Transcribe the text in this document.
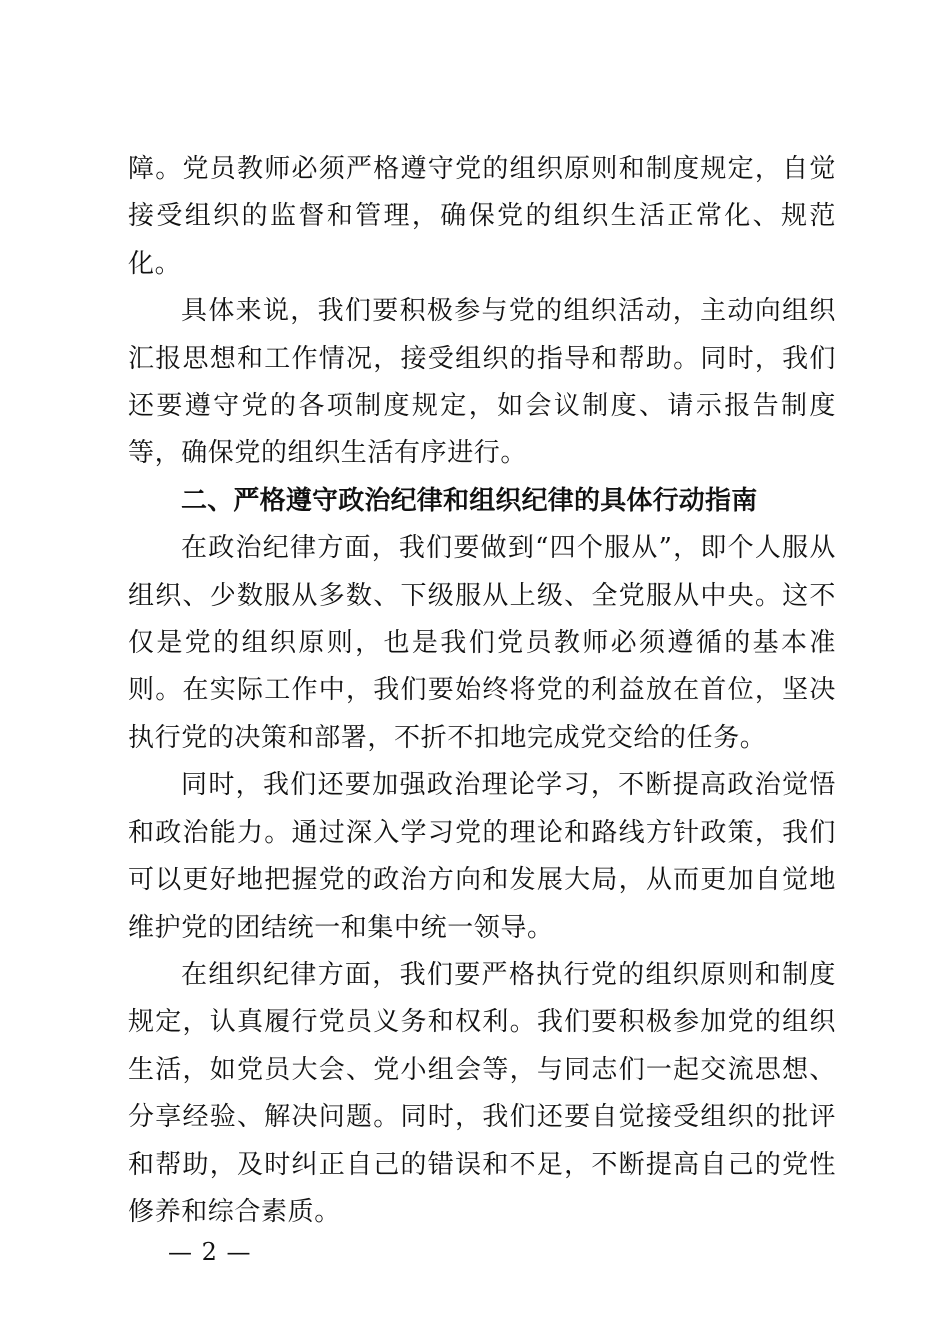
障。党员教师必须严格遵守党的组织原则和制度规定，自觉接受组织的监督和管理，确保党的组织生活正常化、规范化。

具体来说，我们要积极参与党的组织活动，主动向组织汇报思想和工作情况，接受组织的指导和帮助。同时，我们还要遵守党的各项制度规定，如会议制度、请示报告制度等，确保党的组织生活有序进行。

二、严格遵守政治纪律和组织纪律的具体行动指南

在政治纪律方面，我们要做到“四个服从”，即个人服从组织、少数服从多数、下级服从上级、全党服从中央。这不仅是党的组织原则，也是我们党员教师必须遵循的基本准则。在实际工作中，我们要始终将党的利益放在首位，坚决执行党的决策和部署，不折不扣地完成党交给的任务。

同时，我们还要加强政治理论学习，不断提高政治觉悟和政治能力。通过深入学习党的理论和路线方针政策，我们可以更好地把握党的政治方向和发展大局，从而更加自觉地维护党的团结统一和集中统一领导。

在组织纪律方面，我们要严格执行党的组织原则和制度规定，认真履行党员义务和权利。我们要积极参加党的组织生活，如党员大会、党小组会等，与同志们一起交流思想、分享经验、解决问题。同时，我们还要自觉接受组织的批评和帮助，及时纠正自己的错误和不足，不断提高自己的党性修养和综合素质。

— 2 —
